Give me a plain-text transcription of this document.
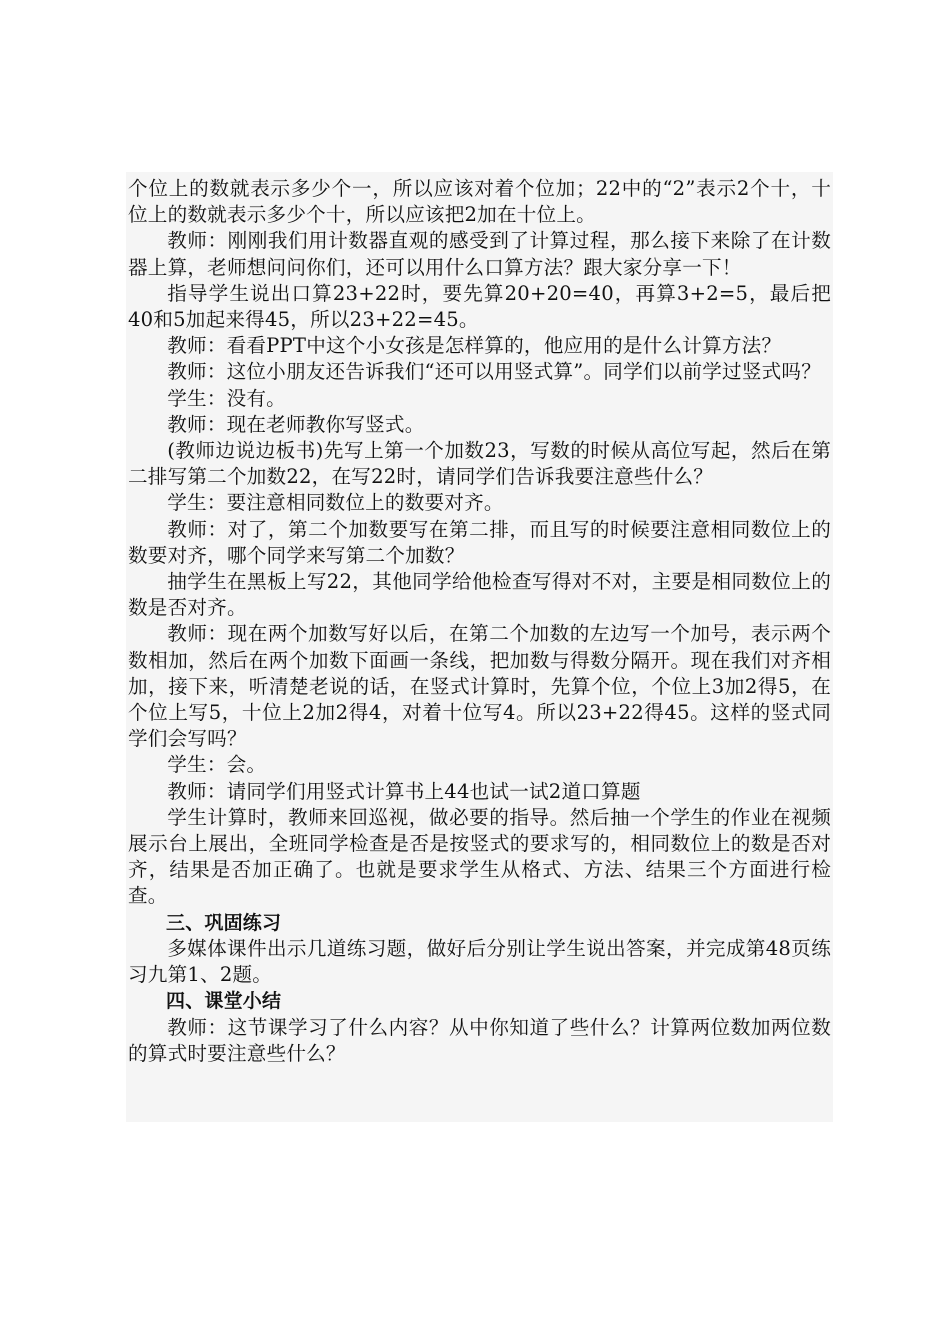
个位上的数就表示多少个一，所以应该对着个位加；22中的“2”表示2个十，十位上的数就表示多少个十，所以应该把2加在十位上。

教师：刚刚我们用计数器直观的感受到了计算过程，那么接下来除了在计数器上算，老师想问问你们，还可以用什么口算方法？跟大家分享一下！

指导学生说出口算23+22时，要先算20+20=40，再算3+2=5，最后把40和5加起来得45，所以23+22=45。

教师：看看PPT中这个小女孩是怎样算的，他应用的是什么计算方法？

教师：这位小朋友还告诉我们“还可以用竖式算”。同学们以前学过竖式吗？

学生：没有。

教师：现在老师教你写竖式。

(教师边说边板书)先写上第一个加数23，写数的时候从高位写起，然后在第二排写第二个加数22，在写22时，请同学们告诉我要注意些什么？

学生：要注意相同数位上的数要对齐。

教师：对了，第二个加数要写在第二排，而且写的时候要注意相同数位上的数要对齐，哪个同学来写第二个加数？

抽学生在黑板上写22，其他同学给他检查写得对不对，主要是相同数位上的数是否对齐。

教师：现在两个加数写好以后，在第二个加数的左边写一个加号，表示两个数相加，然后在两个加数下面画一条线，把加数与得数分隔开。现在我们对齐相加，接下来，听清楚老说的话，在竖式计算时，先算个位，个位上3加2得5，在个位上写5，十位上2加2得4，对着十位写4。所以23+22得45。这样的竖式同学们会写吗？

学生：会。

教师：请同学们用竖式计算书上44也试一试2道口算题

学生计算时，教师来回巡视，做必要的指导。然后抽一个学生的作业在视频展示台上展出，全班同学检查是否是按竖式的要求写的，相同数位上的数是否对齐，结果是否加正确了。也就是要求学生从格式、方法、结果三个方面进行检查。

三、巩固练习

多媒体课件出示几道练习题，做好后分别让学生说出答案，并完成第48页练习九第1、2题。

四、课堂小结

教师：这节课学习了什么内容？从中你知道了些什么？计算两位数加两位数的算式时要注意些什么？
